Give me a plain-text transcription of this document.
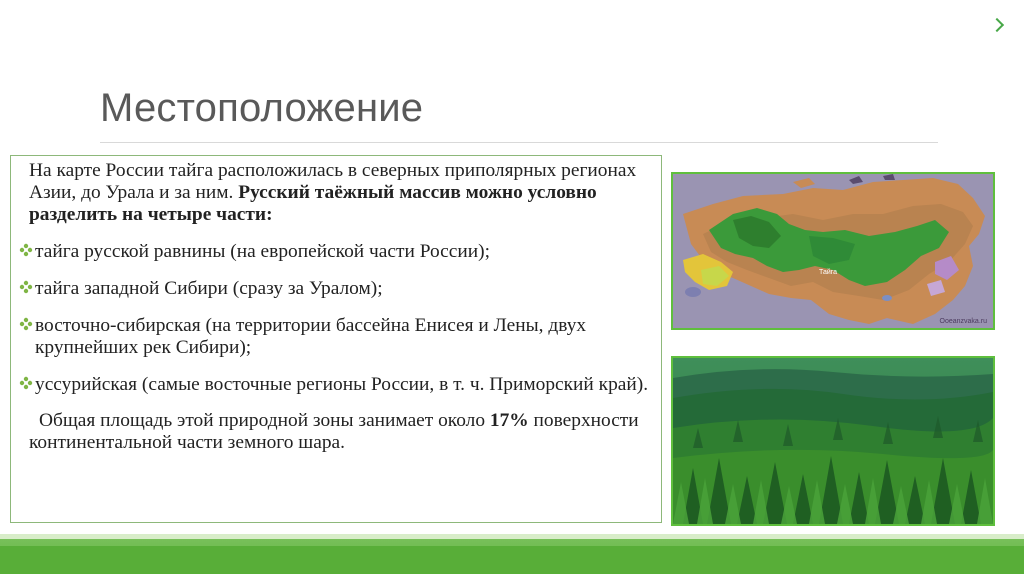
Местоположение

На карте России тайга расположилась в северных приполярных регионах Азии, до Урала и за ним. Русский таёжный массив можно условно разделить на четыре части:

тайга русской равнины (на европейской части России);
тайга западной Сибири (сразу за Уралом);
восточно-сибирская (на территории бассейна Енисея и Лены, двух крупнейших рек Сибири);
уссурийская (самые восточные регионы России, в т. ч. Приморский край).

Общая площадь этой природной зоны занимает около 17% поверхности континентальной части земного шара.

Тайга
Ooeanzvaka.ru
